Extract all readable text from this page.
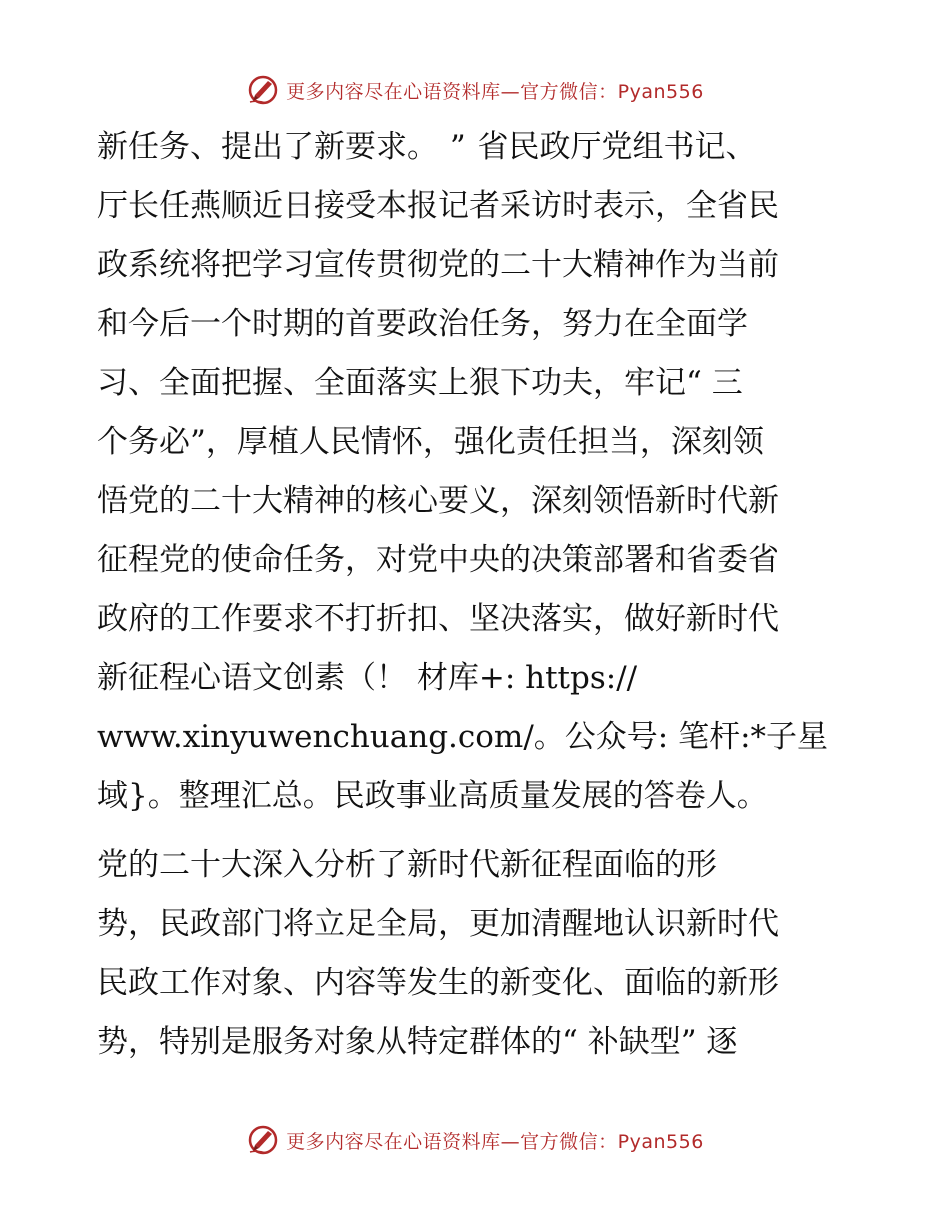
更多内容尽在心语资料库—官方微信：Pyan556
新任务、提出了新要求。 ” 省民政厅党组书记、
厅长任燕顺近日接受本报记者采访时表示，全省民
政系统将把学习宣传贯彻党的二十大精神作为当前
和今后一个时期的首要政治任务，努力在全面学
习、全面把握、全面落实上狠下功夫，牢记“ 三
个务必”，厚植人民情怀，强化责任担当，深刻领
悟党的二十大精神的核心要义，深刻领悟新时代新
征程党的使命任务，对党中央的决策部署和省委省
政府的工作要求不打折扣、坚决落实，做好新时代
新征程心语文创素（！ 材库+: https://
www.xinyuwenchuang.com/。公众号: 笔杆:*子星
域}。整理汇总。民政事业高质量发展的答卷人。
党的二十大深入分析了新时代新征程面临的形
势，民政部门将立足全局，更加清醒地认识新时代
民政工作对象、内容等发生的新变化、面临的新形
势，特别是服务对象从特定群体的“ 补缺型” 逐
更多内容尽在心语资料库—官方微信：Pyan556
